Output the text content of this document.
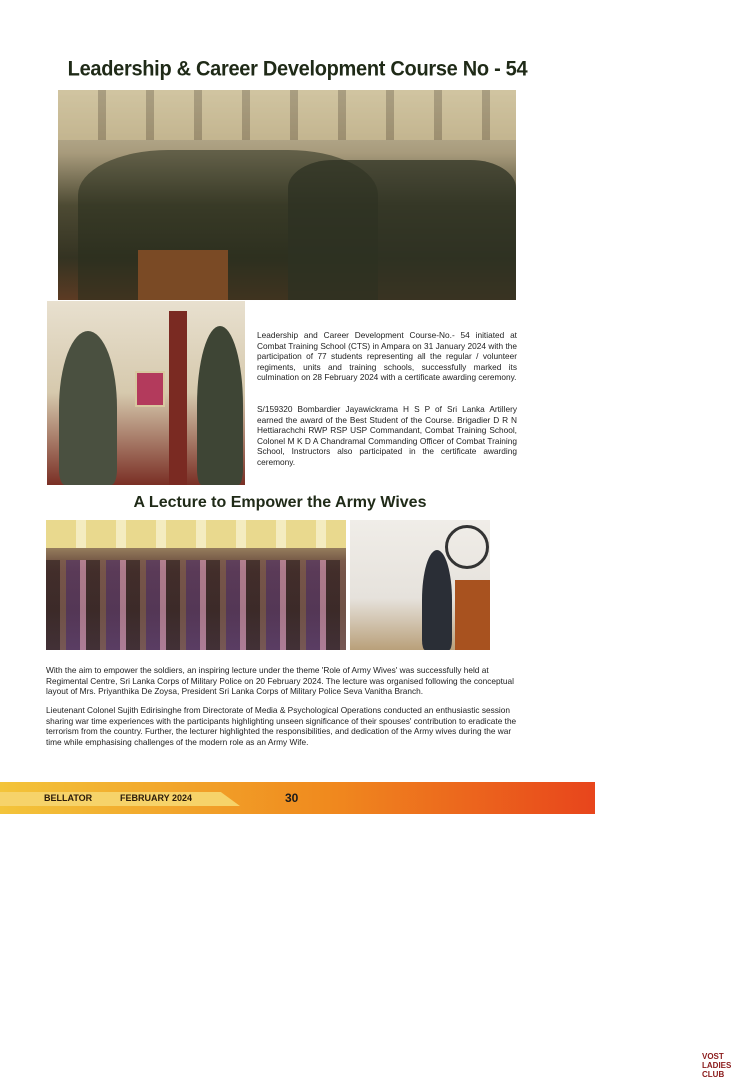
Leadership & Career Development Course No - 54
Leadership and Career Development Course-No.- 54 initiated at Combat Training School (CTS) in Ampara on 31 January 2024 with the participation of 77 students representing all the regular / volunteer regiments, units and training schools, successfully marked its culmination on 28 February 2024 with a certificate awarding ceremony.
S/159320 Bombardier Jayawickrama H S P of Sri Lanka Artillery earned the award of the Best Student of the Course. Brigadier D R N Hettiarachchi RWP RSP USP Commandant, Combat Training School, Colonel M K D A Chandramal Commanding Officer of Combat Training School, Instructors also participated in the certificate awarding ceremony.
A Lecture to Empower the Army Wives
VOST LADIES CLUB
With the aim to empower the soldiers, an inspiring lecture under the theme 'Role of Army Wives' was successfully held at Regimental Centre, Sri Lanka Corps of Military Police on 20 February 2024. The lecture was organised following the conceptual layout of Mrs. Priyanthika De Zoysa, President Sri Lanka Corps of Military Police Seva Vanitha Branch.
Lieutenant Colonel Sujith Edirisinghe from Directorate of Media & Psychological Operations conducted an enthusiastic session sharing war time experiences with the participants highlighting unseen significance of their spouses' contribution to eradicate the terrorism from the country. Further, the lecturer highlighted the responsibilities, and dedication of the Army wives during the war time while emphasising challenges of the modern role as an Army Wife.
BELLATOR	FEBRUARY 2024	30
